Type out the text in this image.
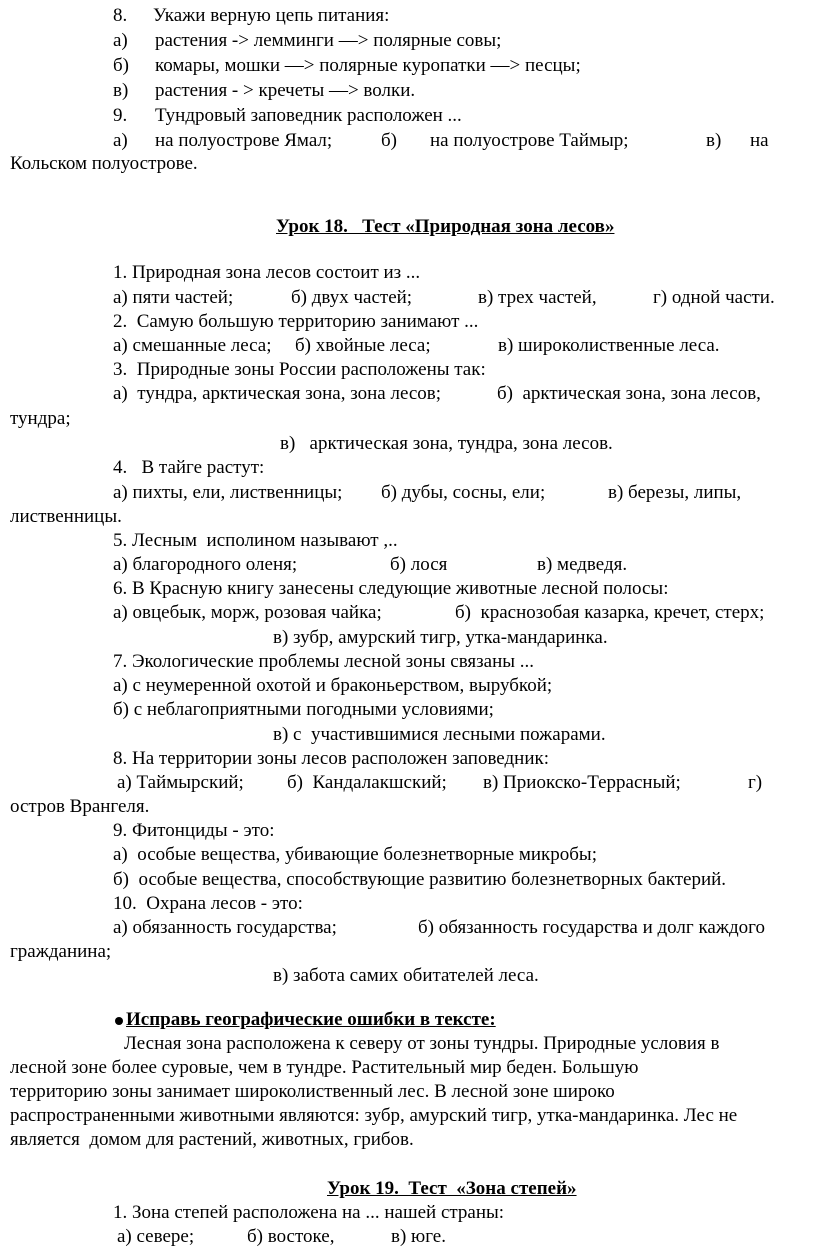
8. Укажи верную цепь питания:
а) растения -> лемминги —> полярные совы;
б) комары, мошки —> полярные куропатки —> песцы;
в) растения - > кречеты —> волки.
9. Тундровый заповедник расположен ...
а) на полуострове Ямал;	б) на полуострове Таймыр;	в) на
Кольском полуострове.
Урок 18.   Тест «Природная зона лесов»
1. Природная зона лесов состоит из ...
а) пяти частей;	б) двух частей;	в) трех частей,	г) одной части.
2.  Самую большую территорию занимают ...
а) смешанные леса; б) хвойные леса;	в) широколиственные леса.
3.  Природные зоны России расположены так:
а)  тундра, арктическая зона, зона лесов;	б)  арктическая зона, зона лесов,
тундра;
в)   арктическая зона, тундра, зона лесов.
4.   В тайге растут:
а) пихты, ели, лиственницы; б) дубы, сосны, ели;	в) березы, липы,
лиственницы.
5. Лесным  исполином называют ,..
а) благородного оленя;	б) лося	в) медведя.
6. В Красную книгу занесены следующие животные лесной полосы:
а) овцебык, морж, розовая чайка;	б)  краснозобая казарка, кречет, стерх;
в) зубр, амурский тигр, утка-мандаринка.
7. Экологические проблемы лесной зоны связаны ...
а) с неумеренной охотой и браконьерством, вырубкой;
б) с неблагоприятными погодными условиями;
в) с  участившимися лесными пожарами.
8. На территории зоны лесов расположен заповедник:
а) Таймырский; б)  Кандалакшский; в) Приокско-Террасный;	г)
остров Врангеля.
9. Фитонциды - это:
а)  особые вещества, убивающие болезнетворные микробы;
б)  особые вещества, способствующие развитию болезнетворных бактерий.
10.  Охрана лесов - это:
а) обязанность государства;	б) обязанность государства и долг каждого
гражданина;
в) забота самих обитателей леса.
Исправь географические ошибки в тексте:
Лесная зона расположена к северу от зоны тундры. Природные условия в
лесной зоне более суровые, чем в тундре. Растительный мир беден. Большую
территорию зоны занимает широколиственный лес. В лесной зоне широко
распространенными животными являются: зубр, амурский тигр, утка-мандаринка. Лес не
является  домом для растений, животных, грибов.
Урок 19.  Тест  «Зона степей»
1. Зона степей расположена на ... нашей страны:
а) севере;	б) востоке,	в) юге.
